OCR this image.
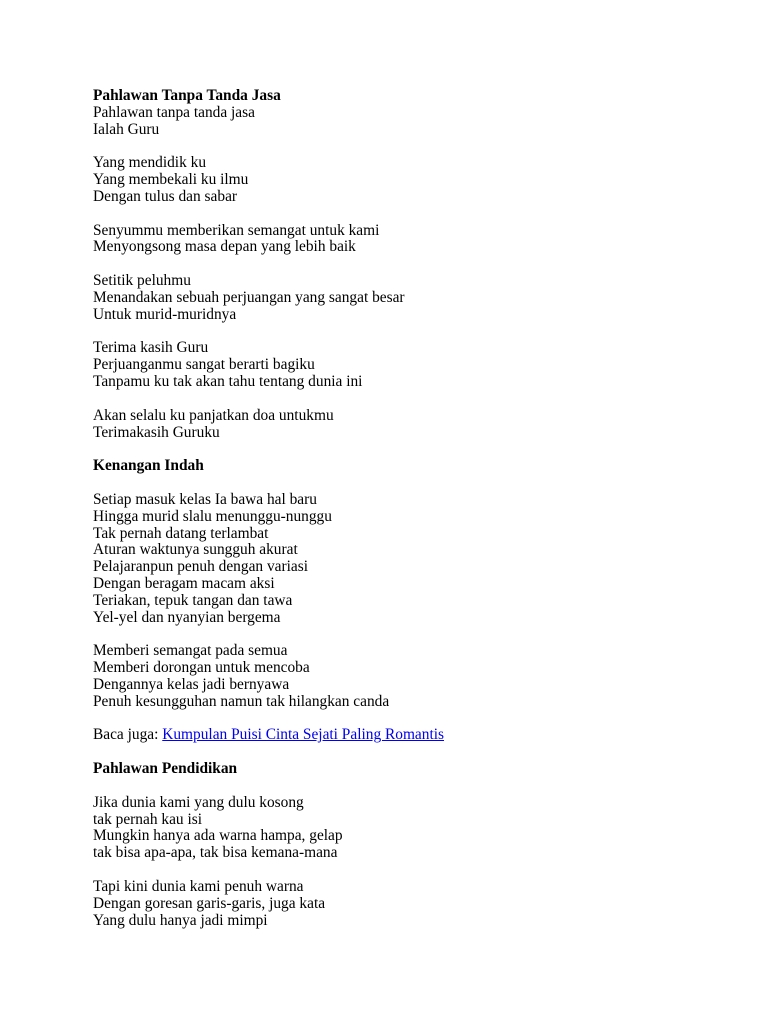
Pahlawan Tanpa Tanda Jasa
Pahlawan tanpa tanda jasa
Ialah Guru
Yang mendidik ku
Yang membekali ku ilmu
Dengan tulus dan sabar
Senyummu memberikan semangat untuk kami
Menyongsong masa depan yang lebih baik
Setitik peluhmu
Menandakan sebuah perjuangan yang sangat besar
Untuk murid-muridnya
Terima kasih Guru
Perjuanganmu sangat berarti bagiku
Tanpamu ku tak akan tahu tentang dunia ini
Akan selalu ku panjatkan doa untukmu
Terimakasih Guruku
Kenangan Indah
Setiap masuk kelas Ia bawa hal baru
Hingga murid slalu menunggu-nunggu
Tak pernah datang terlambat
Aturan waktunya sungguh akurat
Pelajaranpun penuh dengan variasi
Dengan beragam macam aksi
Teriakan, tepuk tangan dan tawa
Yel-yel dan nyanyian bergema
Memberi semangat pada semua
Memberi dorongan untuk mencoba
Dengannya kelas jadi bernyawa
Penuh kesungguhan namun tak hilangkan canda
Baca juga: Kumpulan Puisi Cinta Sejati Paling Romantis
Pahlawan Pendidikan
Jika dunia kami yang dulu kosong
tak pernah kau isi
Mungkin hanya ada warna hampa, gelap
tak bisa apa-apa, tak bisa kemana-mana
Tapi kini dunia kami penuh warna
Dengan goresan garis-garis, juga kata
Yang dulu hanya jadi mimpi
